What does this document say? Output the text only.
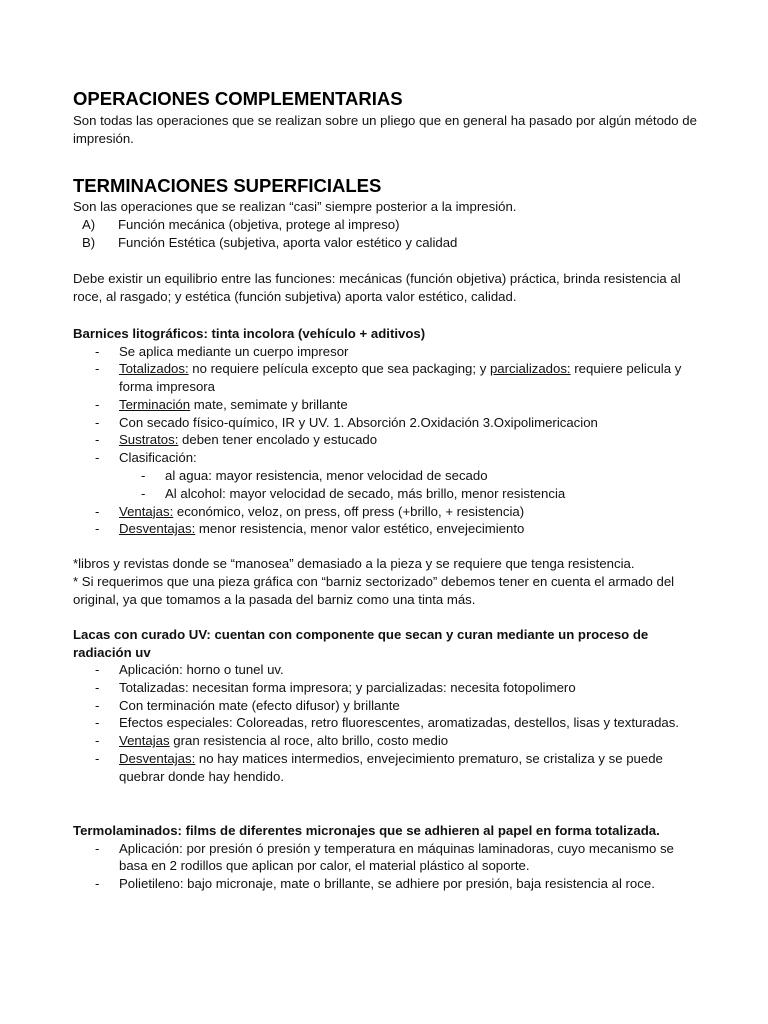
OPERACIONES COMPLEMENTARIAS

Son todas las operaciones que se realizan sobre un pliego que en general ha pasado por algún método de impresión.

TERMINACIONES SUPERFICIALES

Son las operaciones que se realizan “casi” siempre posterior a la impresión.

A) Función mecánica (objetiva, protege al impreso)
B) Función Estética (subjetiva, aporta valor estético y calidad

Debe existir un equilibrio entre las funciones: mecánicas (función objetiva) práctica, brinda resistencia al roce, al rasgado; y estética (función subjetiva) aporta valor estético, calidad.

Barnices litográficos: tinta incolora (vehículo + aditivos)

- Se aplica mediante un cuerpo impresor
- Totalizados: no requiere película excepto que sea packaging; y parcializados: requiere pelicula y forma impresora
- Terminación mate, semimate y brillante
- Con secado físico-químico, IR y UV. 1. Absorción 2.Oxidación 3.Oxipolimericacion
- Sustratos: deben tener encolado y estucado
- Clasificación:
- al agua: mayor resistencia, menor velocidad de secado
- Al alcohol: mayor velocidad de secado, más brillo, menor resistencia
- Ventajas: económico, veloz, on press, off press (+brillo, + resistencia)
- Desventajas: menor resistencia, menor valor estético, envejecimiento

*libros y revistas donde se “manosea” demasiado a la pieza y se requiere que tenga resistencia.

* Si requerimos que una pieza gráfica con “barniz sectorizado” debemos tener en cuenta el armado del original, ya que tomamos a la pasada del barniz como una tinta más.

Lacas con curado UV: cuentan con componente que secan y curan mediante un proceso de radiación uv

- Aplicación: horno o tunel uv.
- Totalizadas: necesitan forma impresora; y parcializadas: necesita fotopolimero
- Con terminación mate (efecto difusor) y brillante
- Efectos especiales: Coloreadas, retro fluorescentes, aromatizadas, destellos, lisas y texturadas.
- Ventajas gran resistencia al roce, alto brillo, costo medio
- Desventajas: no hay matices intermedios, envejecimiento prematuro, se cristaliza y se puede quebrar donde hay hendido.

Termolaminados: films de diferentes micronajes que se adhieren al papel en forma totalizada.

- Aplicación: por presión ó presión y temperatura en máquinas laminadoras, cuyo mecanismo se basa en 2 rodillos que aplican por calor, el material plástico al soporte.
- Polietileno: bajo micronaje, mate o brillante, se adhiere por presión, baja resistencia al roce.
